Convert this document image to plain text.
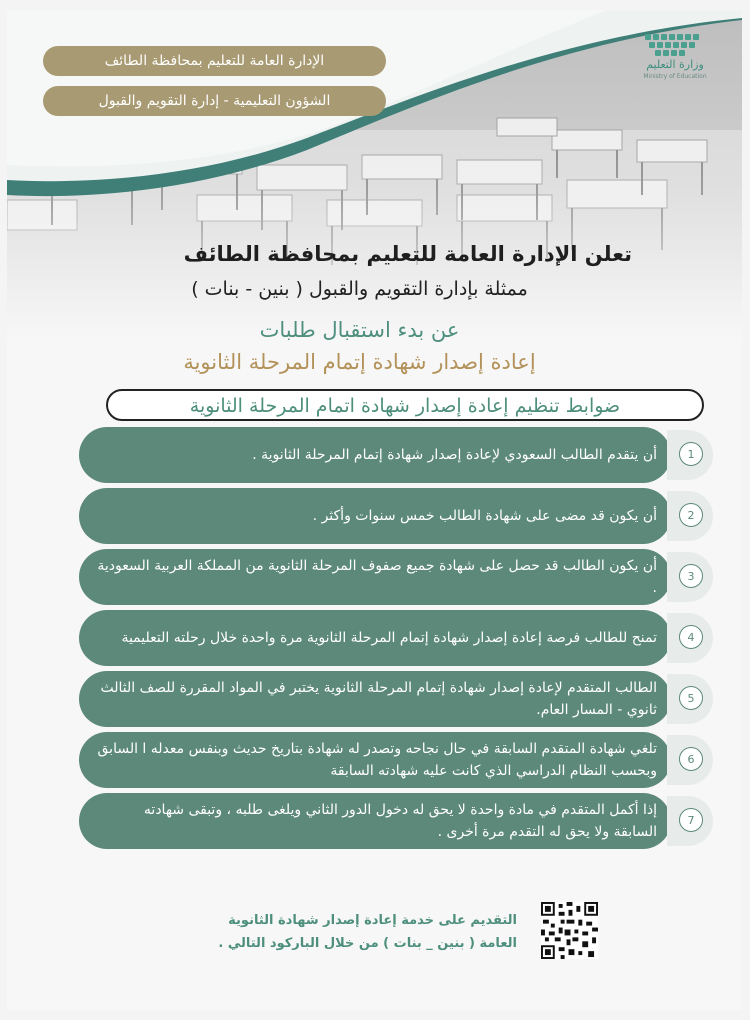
الإدارة العامة للتعليم بمحافظة الطائف
الشؤون التعليمية - إدارة التقويم والقبول
وزارة التعليم
Ministry of Education
تعلن الإدارة العامة للتعليم بمحافظة الطائف
ممثلة بإدارة التقويم والقبول ( بنين - بنات )
عن بدء استقبال طلبات
إعادة إصدار شهادة إتمام المرحلة الثانوية
ضوابط تنظيم إعادة إصدار شهادة اتمام المرحلة الثانوية
1
أن يتقدم الطالب السعودي لإعادة إصدار شهادة إتمام المرحلة الثانوية .
2
أن يكون قد مضى على شهادة الطالب خمس سنوات وأكثر .
3
أن يكون الطالب قد حصل على شهادة جميع صفوف المرحلة الثانوية من المملكة العربية السعودية .
4
تمنح للطالب فرصة إعادة إصدار شهادة إتمام المرحلة الثانوية مرة واحدة خلال رحلته التعليمية
5
الطالب المتقدم لإعادة إصدار شهادة إتمام المرحلة الثانوية يختبر في المواد المقررة للصف الثالث ثانوي - المسار العام.
6
تلغي شهادة المتقدم السابقة في حال نجاحه وتصدر له شهادة بتاريخ حديث وبنفس معدله ا السابق وبحسب النظام الدراسي الذي كانت عليه شهادته السابقة
7
إذا أكمل المتقدم في مادة واحدة لا يحق له دخول الدور الثاني ويلغى طلبه ، وتبقى شهادته السابقة ولا يحق له التقدم مرة أخرى .
التقديم على خدمة إعادة إصدار شهادة الثانوية
العامة ( بنين _ بنات ) من خلال الباركود التالي .
